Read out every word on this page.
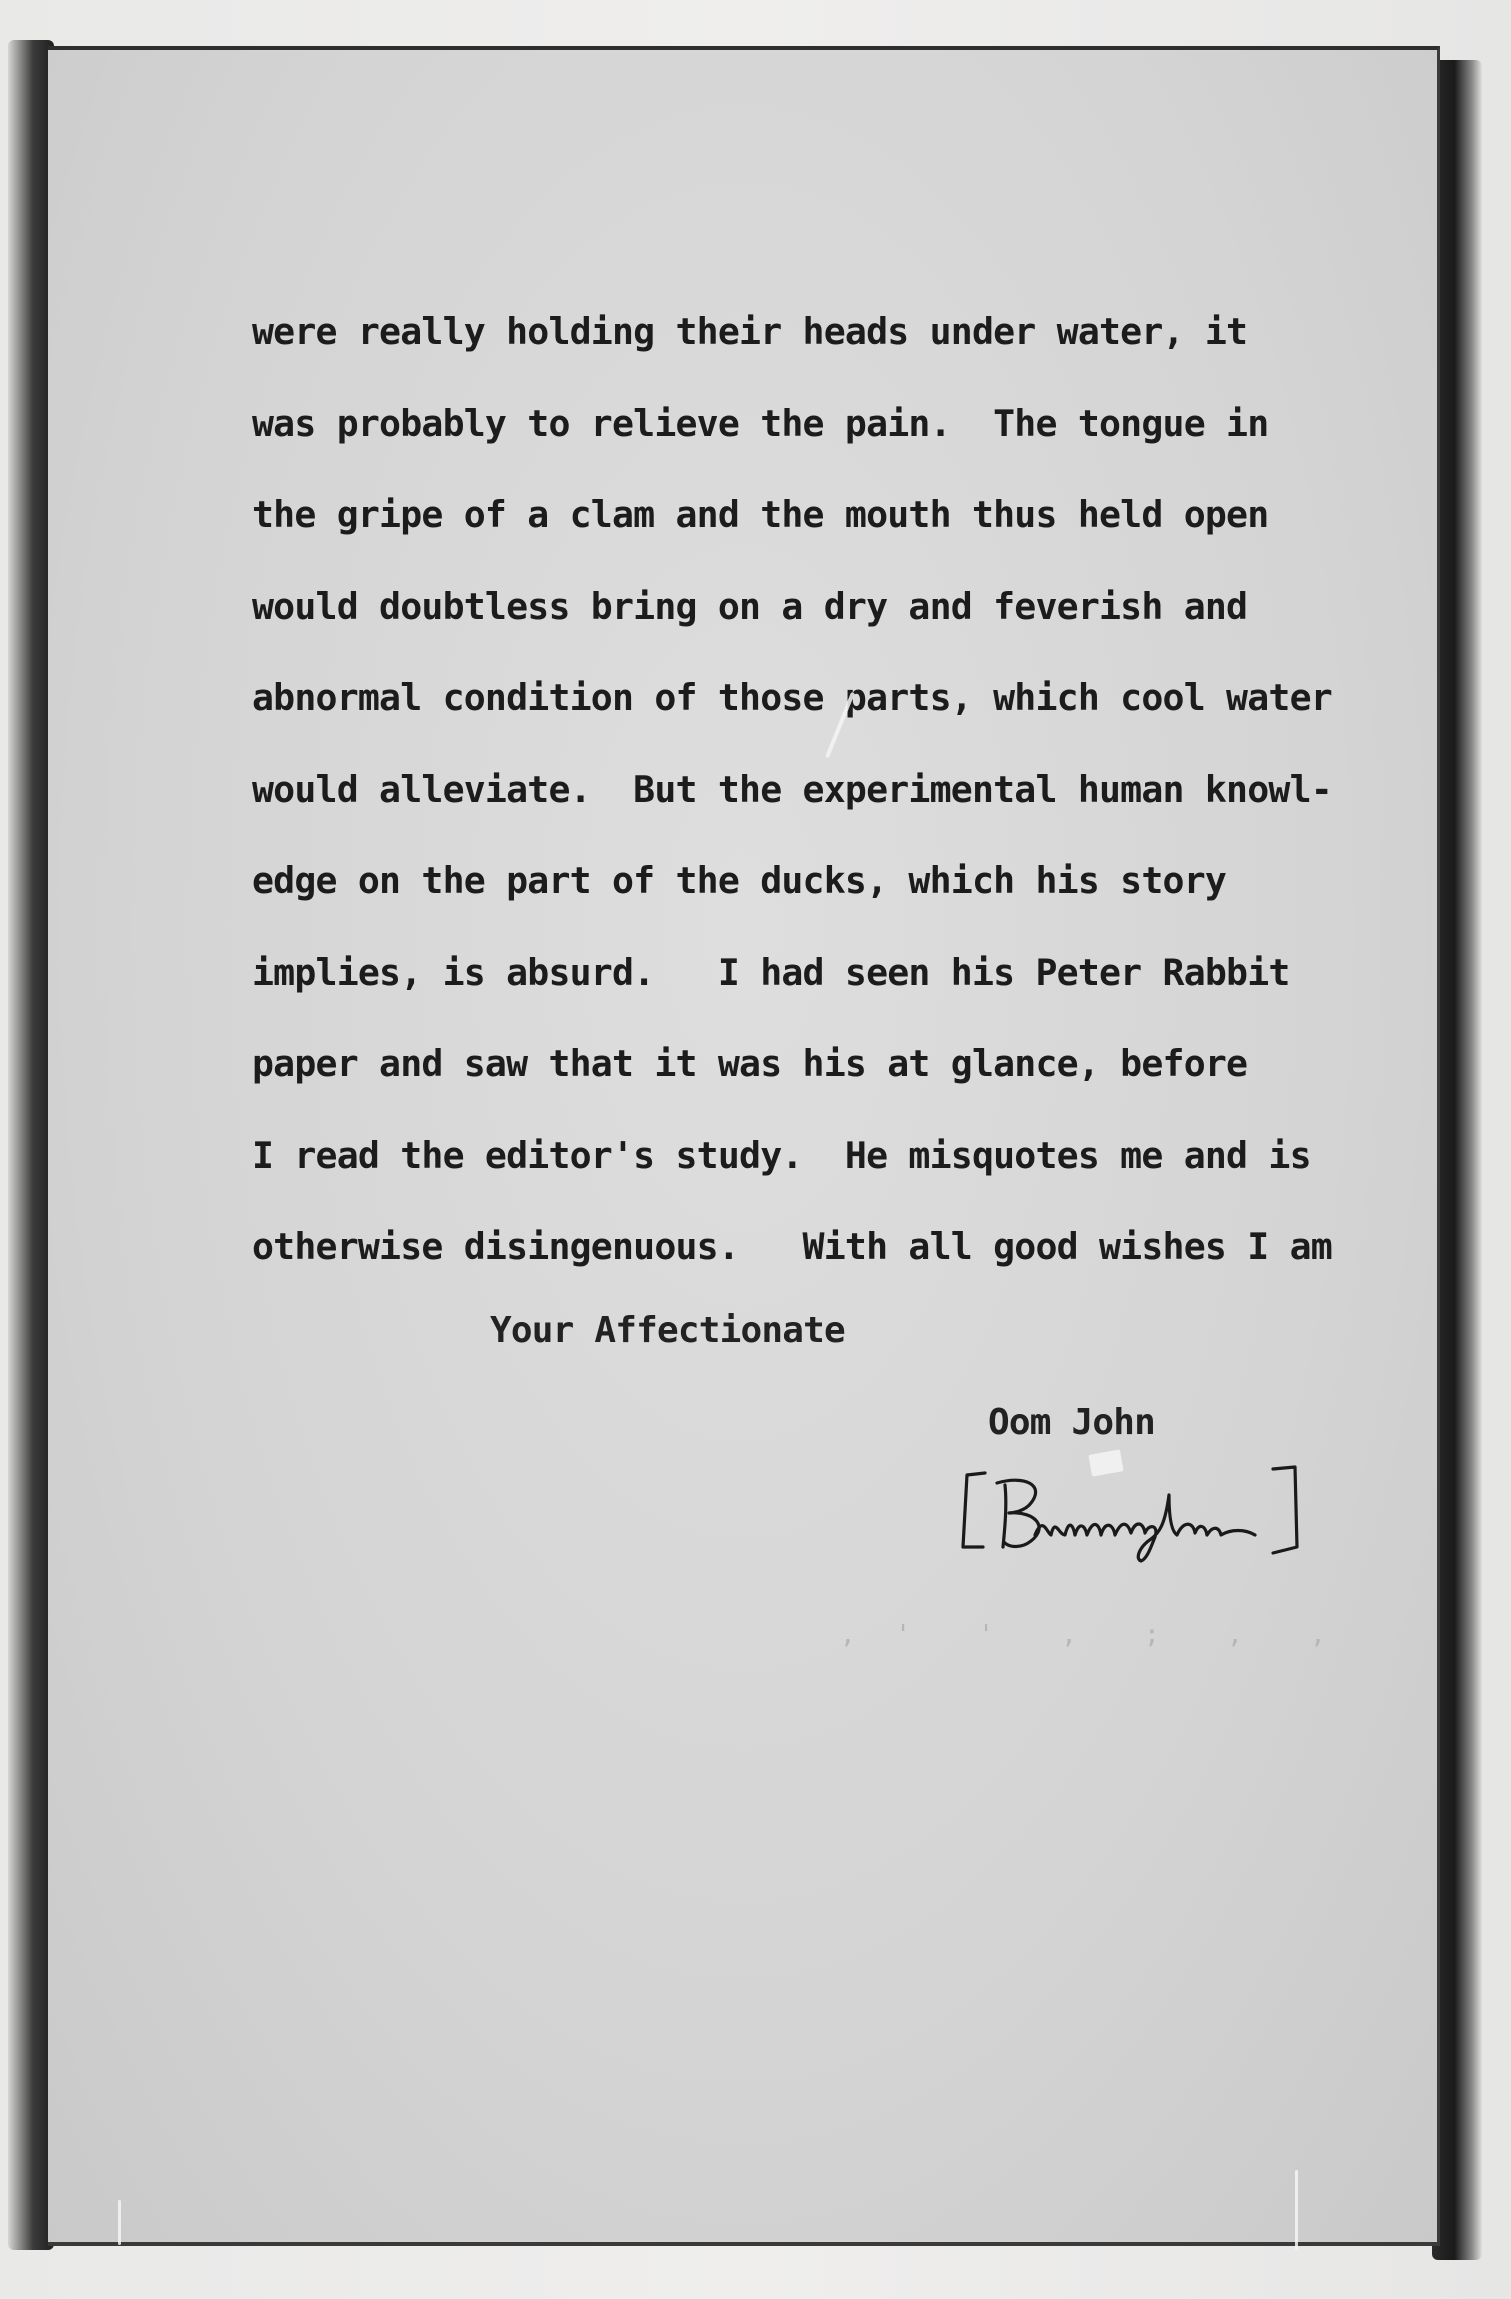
were really holding their heads under water, it
was probably to relieve the pain.  The tongue in
the gripe of a clam and the mouth thus held open
would doubtless bring on a dry and feverish and
abnormal condition of those parts, which cool water
would alleviate.  But the experimental human knowl-
edge on the part of the ducks, which his story
implies, is absurd.   I had seen his Peter Rabbit
paper and saw that it was his at glance, before
I read the editor's study.  He misquotes me and is
otherwise disingenuous.   With all good wishes I am
Your Affectionate
Oom John
, '  '  ,  ;  ,  ,
